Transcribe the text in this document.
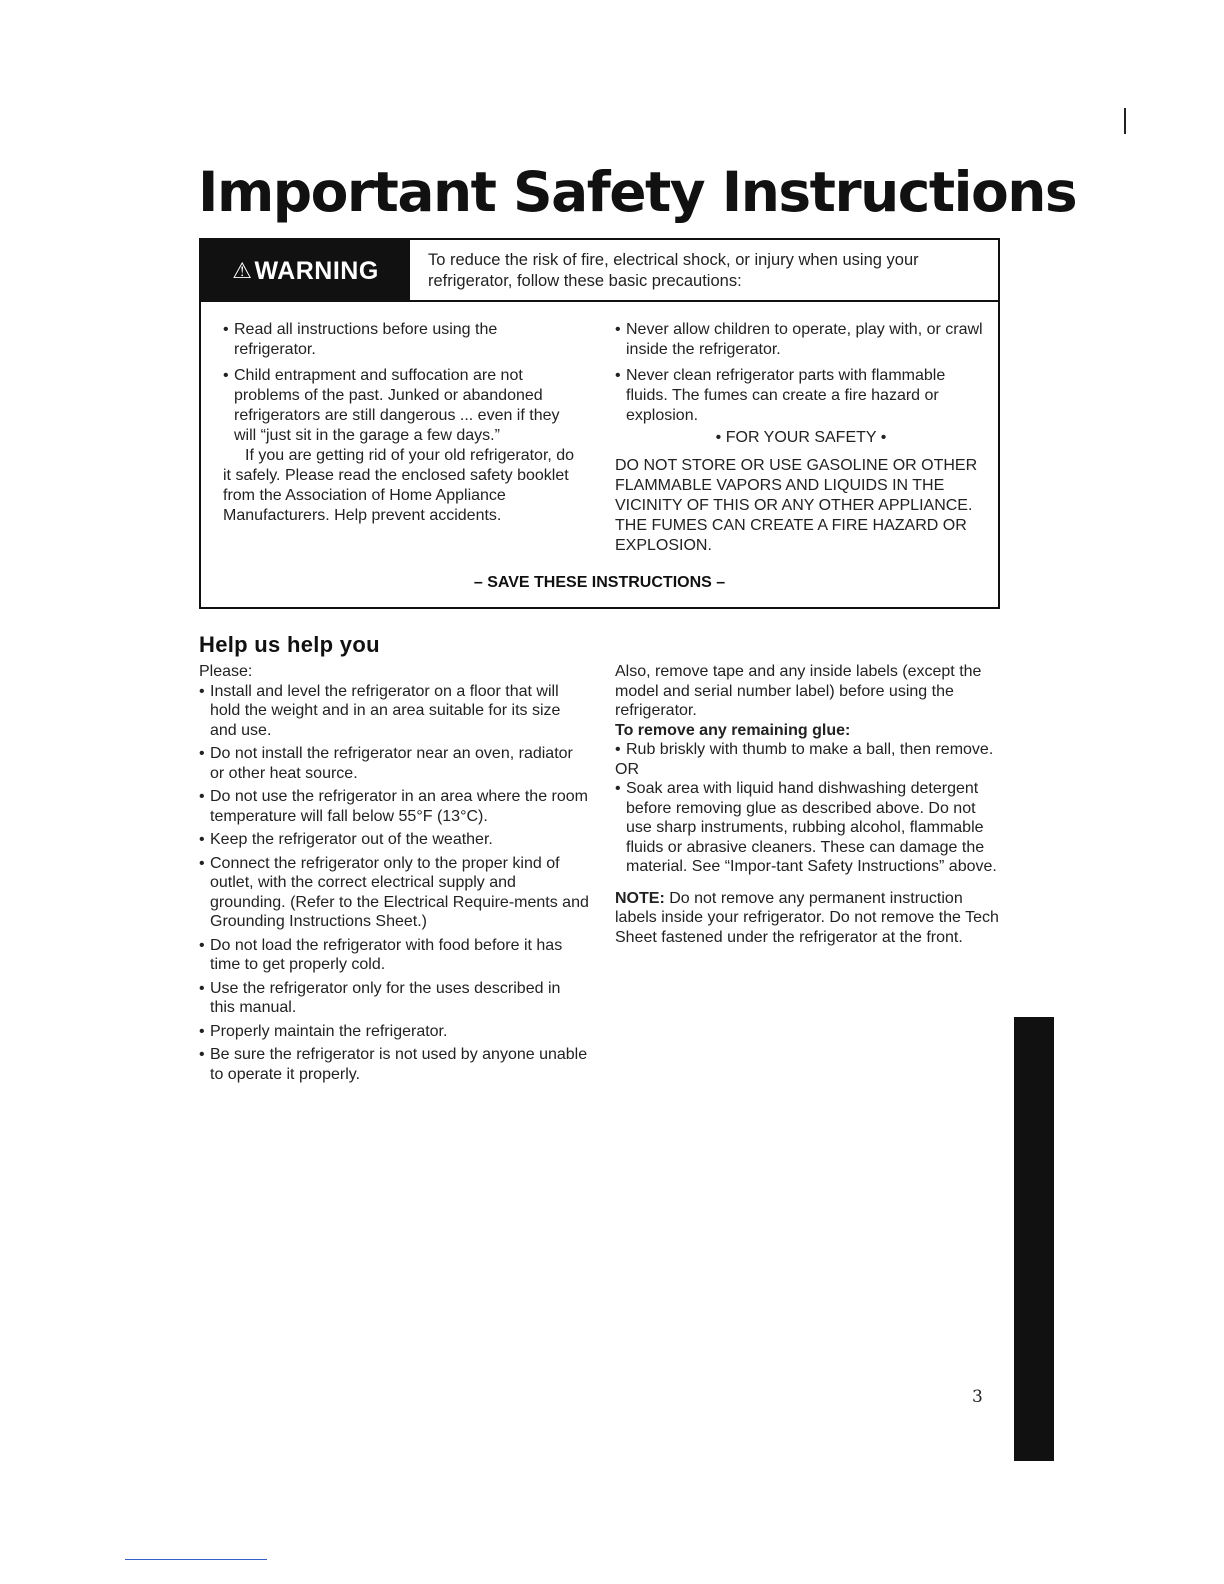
Important Safety Instructions
⚠ WARNING	To reduce the risk of fire, electrical shock, or injury when using your refrigerator, follow these basic precautions:

• Read all instructions before using the refrigerator.

• Child entrapment and suffocation are not problems of the past. Junked or abandoned refrigerators are still dangerous ... even if they will “just sit in the garage a few days.”

If you are getting rid of your old refrigerator, do it safely. Please read the enclosed safety booklet from the Association of Home Appliance Manufacturers. Help prevent accidents.

• Never allow children to operate, play with, or crawl inside the refrigerator.

• Never clean refrigerator parts with flammable fluids. The fumes can create a fire hazard or explosion.

• FOR YOUR SAFETY •

DO NOT STORE OR USE GASOLINE OR OTHER FLAMMABLE VAPORS AND LIQUIDS IN THE VICINITY OF THIS OR ANY OTHER APPLIANCE. THE FUMES CAN CREATE A FIRE HAZARD OR EXPLOSION.

– SAVE THESE INSTRUCTIONS –
Help us help you

Please:

• Install and level the refrigerator on a floor that will hold the weight and in an area suitable for its size and use.

• Do not install the refrigerator near an oven, radiator or other heat source.

• Do not use the refrigerator in an area where the room temperature will fall below 55°F (13°C).

• Keep the refrigerator out of the weather.

• Connect the refrigerator only to the proper kind of outlet, with the correct electrical supply and grounding. (Refer to the Electrical Require-ments and Grounding Instructions Sheet.)

• Do not load the refrigerator with food before it has time to get properly cold.

• Use the refrigerator only for the uses described in this manual.

• Properly maintain the refrigerator.

• Be sure the refrigerator is not used by anyone unable to operate it properly.

Also, remove tape and any inside labels (except the model and serial number label) before using the refrigerator.

To remove any remaining glue:

• Rub briskly with thumb to make a ball, then remove.

OR

• Soak area with liquid hand dishwashing detergent before removing glue as described above. Do not use sharp instruments, rubbing alcohol, flammable fluids or abrasive cleaners. These can damage the material. See “Impor-tant Safety Instructions” above.

NOTE: Do not remove any permanent instruction labels inside your refrigerator. Do not remove the Tech Sheet fastened under the refrigerator at the front.

3
